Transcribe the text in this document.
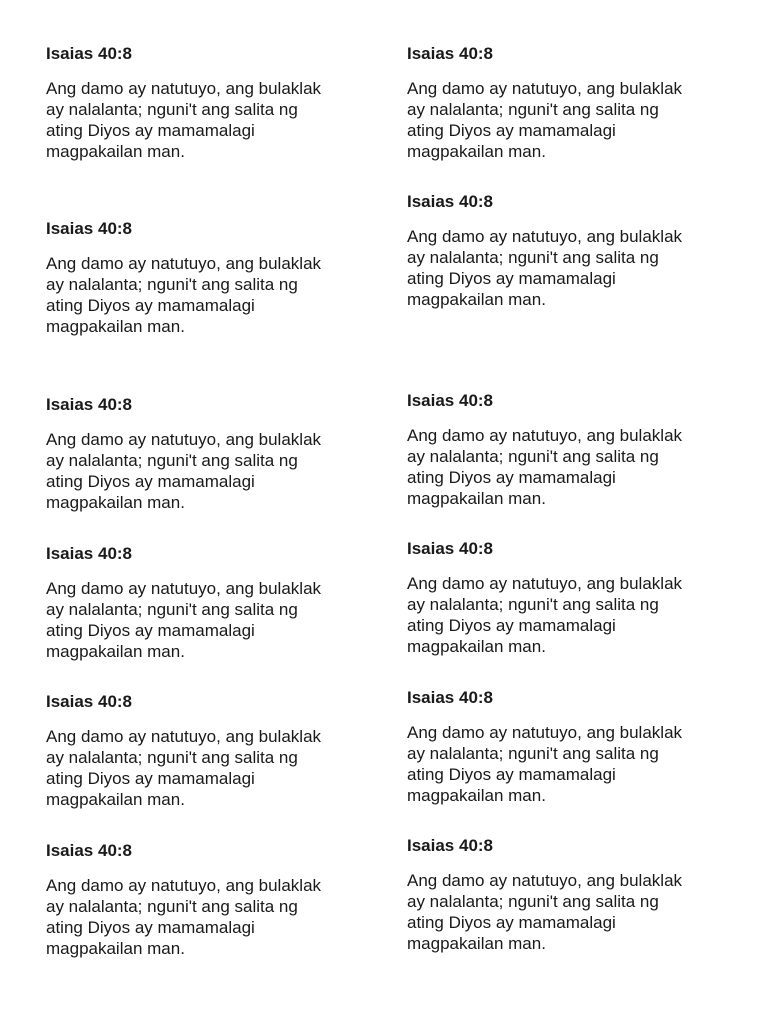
Isaias 40:8

Ang damo ay natutuyo, ang bulaklak
ay nalalanta; nguni't ang salita ng
ating Diyos ay mamamalagi
magpakailan man.

Isaias 40:8

Ang damo ay natutuyo, ang bulaklak
ay nalalanta; nguni't ang salita ng
ating Diyos ay mamamalagi
magpakailan man.

Isaias 40:8

Ang damo ay natutuyo, ang bulaklak
ay nalalanta; nguni't ang salita ng
ating Diyos ay mamamalagi
magpakailan man.

Isaias 40:8

Ang damo ay natutuyo, ang bulaklak
ay nalalanta; nguni't ang salita ng
ating Diyos ay mamamalagi
magpakailan man.

Isaias 40:8

Ang damo ay natutuyo, ang bulaklak
ay nalalanta; nguni't ang salita ng
ating Diyos ay mamamalagi
magpakailan man.

Isaias 40:8

Ang damo ay natutuyo, ang bulaklak
ay nalalanta; nguni't ang salita ng
ating Diyos ay mamamalagi
magpakailan man.

Isaias 40:8

Ang damo ay natutuyo, ang bulaklak
ay nalalanta; nguni't ang salita ng
ating Diyos ay mamamalagi
magpakailan man.

Isaias 40:8

Ang damo ay natutuyo, ang bulaklak
ay nalalanta; nguni't ang salita ng
ating Diyos ay mamamalagi
magpakailan man.

Isaias 40:8

Ang damo ay natutuyo, ang bulaklak
ay nalalanta; nguni't ang salita ng
ating Diyos ay mamamalagi
magpakailan man.

Isaias 40:8

Ang damo ay natutuyo, ang bulaklak
ay nalalanta; nguni't ang salita ng
ating Diyos ay mamamalagi
magpakailan man.

Isaias 40:8

Ang damo ay natutuyo, ang bulaklak
ay nalalanta; nguni't ang salita ng
ating Diyos ay mamamalagi
magpakailan man.

Isaias 40:8

Ang damo ay natutuyo, ang bulaklak
ay nalalanta; nguni't ang salita ng
ating Diyos ay mamamalagi
magpakailan man.
